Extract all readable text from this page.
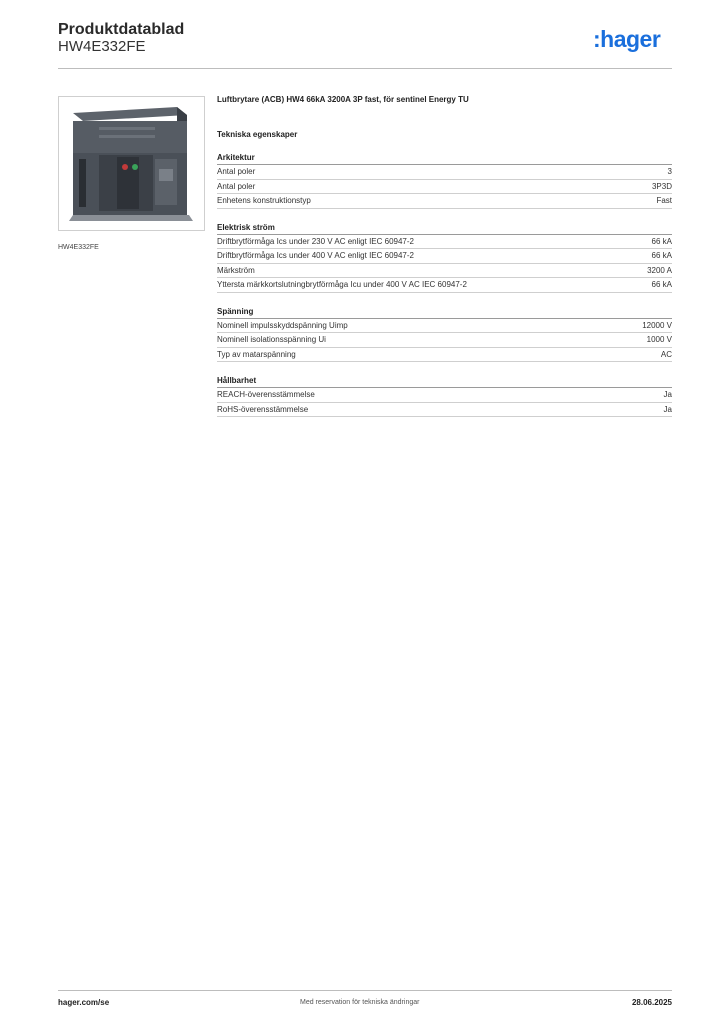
Produktdatablad
HW4E332FE	:hager
HW4E332FE
Luftbrytare (ACB) HW4 66kA 3200A 3P fast, för sentinel Energy TU
Tekniska egenskaper
Arkitektur
Antal poler	3
Antal poler	3P3D
Enhetens konstruktionstyp	Fast
Elektrisk ström
Driftbrytförmåga Ics under 230 V AC enligt IEC 60947-2	66 kA
Driftbrytförmåga Ics under 400 V AC enligt IEC 60947-2	66 kA
Märkström	3200 A
Yttersta märkkortslutningbrytförmåga Icu under 400 V AC IEC 60947-2	66 kA
Spänning
Nominell impulsskyddspänning Uimp	12000 V
Nominell isolationsspänning Ui	1000 V
Typ av matarspänning	AC
Hållbarhet
REACH-överensstämmelse	Ja
RoHS-överensstämmelse	Ja
hager.com/se	Med reservation för tekniska ändringar	28.06.2025
